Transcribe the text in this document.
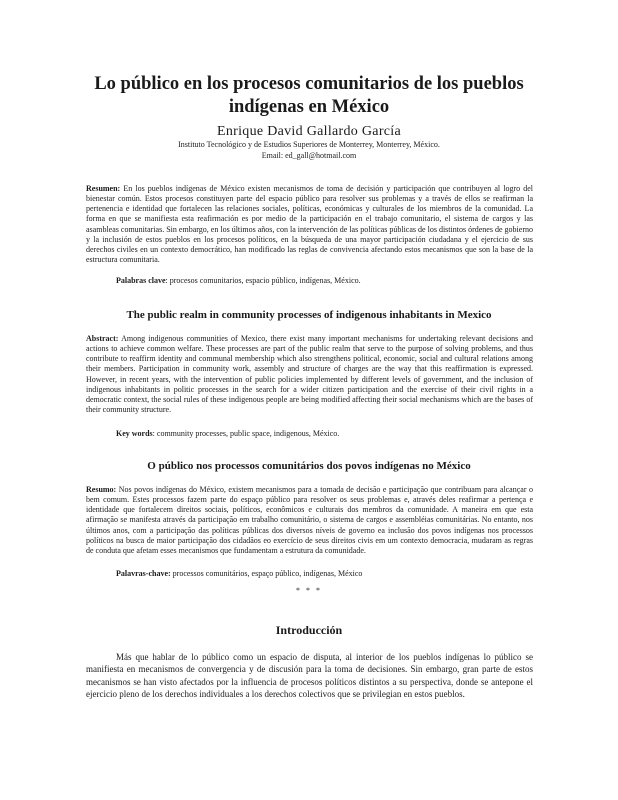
Lo público en los procesos comunitarios de los pueblos indígenas en México
Enrique David Gallardo García
Instituto Tecnológico y de Estudios Superiores de Monterrey, Monterrey, México.
Email: ed_gall@hotmail.com

Resumen: En los pueblos indígenas de México existen mecanismos de toma de decisión y participación que contribuyen al logro del bienestar común. Estos procesos constituyen parte del espacio público para resolver sus problemas y a través de ellos se reafirman la pertenencia e identidad que fortalecen las relaciones sociales, políticas, económicas y culturales de los miembros de la comunidad. La forma en que se manifiesta esta reafirmación es por medio de la participación en el trabajo comunitario, el sistema de cargos y las asambleas comunitarias. Sin embargo, en los últimos años, con la intervención de las políticas públicas de los distintos órdenes de gobierno y la inclusión de estos pueblos en los procesos políticos, en la búsqueda de una mayor participación ciudadana y el ejercicio de sus derechos civiles en un contexto democrático, han modificado las reglas de convivencia afectando estos mecanismos que son la base de la estructura comunitaria.

Palabras clave: procesos comunitarios, espacio público, indígenas, México.

The public realm in community processes of indigenous inhabitants in Mexico

Abstract: Among indigenous communities of Mexico, there exist many important mechanisms for undertaking relevant decisions and actions to achieve common welfare. These processes are part of the public realm that serve to the purpose of solving problems, and thus contribute to reaffirm identity and communal membership which also strengthens political, economic, social and cultural relations among their members. Participation in community work, assembly and structure of charges are the way that this reaffirmation is expressed. However, in recent years, with the intervention of public policies implemented by different levels of government, and the inclusion of indigenous inhabitants in politic processes in the search for a wider citizen participation and the exercise of their civil rights in a democratic context, the social rules of these indigenous people are being modified affecting their social mechanisms which are the bases of their community structure.

Key words: community processes, public space, indigenous, México.

O público nos processos comunitários dos povos indígenas no México

Resumo: Nos povos indígenas do México, existem mecanismos para a tomada de decisão e participação que contribuam para alcançar o bem comum. Estes processos fazem parte do espaço público para resolver os seus problemas e, através deles reafirmar a pertença e identidade que fortalecem direitos sociais, políticos, econômicos e culturais dos membros da comunidade. A maneira em que esta afirmação se manifesta através da participação em trabalho comunitário, o sistema de cargos e assembléias comunitárias. No entanto, nos últimos anos, com a participação das políticas públicas dos diversos níveis de governo ea inclusão dos povos indígenas nos processos políticos na busca de maior participação dos cidadãos eo exercício de seus direitos civis em um contexto democracia, mudaram as regras de conduta que afetam esses mecanismos que fundamentam a estrutura da comunidade.

Palavras-chave: processos comunitários, espaço público, indígenas, México

* * *
Introducción

Más que hablar de lo público como un espacio de disputa, al interior de los pueblos indígenas lo público se manifiesta en mecanismos de convergencia y de discusión para la toma de decisiones. Sin embargo, gran parte de estos mecanismos se han visto afectados por la influencia de procesos políticos distintos a su perspectiva, donde se antepone el ejercicio pleno de los derechos individuales a los derechos colectivos que se privilegian en estos pueblos.
